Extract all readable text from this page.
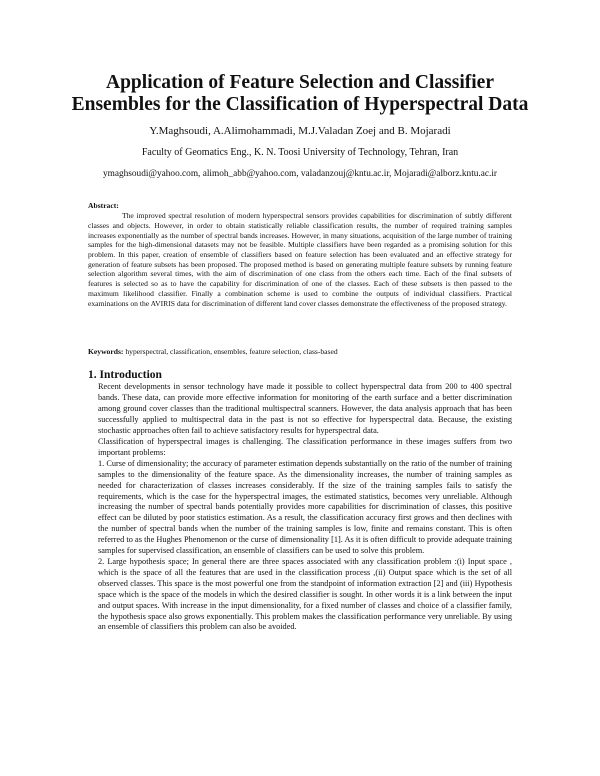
Application of Feature Selection and Classifier
Ensembles for the Classification of Hyperspectral Data
Y.Maghsoudi, A.Alimohammadi, M.J.Valadan Zoej and B. Mojaradi
Faculty of Geomatics Eng., K. N. Toosi University of Technology, Tehran, Iran
ymaghsoudi@yahoo.com, alimoh_abb@yahoo.com, valadanzouj@kntu.ac.ir, Mojaradi@alborz.kntu.ac.ir
Abstract:
The improved spectral resolution of modern hyperspectral sensors provides capabilities for discrimination of subtly different classes and objects. However, in order to obtain statistically reliable classification results, the number of required training samples increases exponentially as the number of spectral bands increases. However, in many situations, acquisition of the large number of training samples for the high-dimensional datasets may not be feasible. Multiple classifiers have been regarded as a promising solution for this problem. In this paper, creation of ensemble of classifiers based on feature selection has been evaluated and an effective strategy for generation of feature subsets has been proposed. The proposed method is based on generating multiple feature subsets by running feature selection algorithm several times, with the aim of discrimination of one class from the others each time. Each of the final subsets of features is selected so as to have the capability for discrimination of one of the classes. Each of these subsets is then passed to the maximum likelihood classifier. Finally a combination scheme is used to combine the outputs of individual classifiers. Practical examinations on the AVIRIS data for discrimination of different land cover classes demonstrate the effectiveness of the proposed strategy.
Keywords: hyperspectral, classification, ensembles, feature selection, class-based
1. Introduction

Recent developments in sensor technology have made it possible to collect hyperspectral data from 200 to 400 spectral bands. These data, can provide more effective information for monitoring of the earth surface and a better discrimination among ground cover classes than the traditional multispectral scanners. However, the data analysis approach that has been successfully applied to multispectral data in the past is not so effective for hyperspectral data. Because, the existing stochastic approaches often fail to achieve satisfactory results for hyperspectral data.

Classification of hyperspectral images is challenging. The classification performance in these images suffers from two important problems:

1. Curse of dimensionality; the accuracy of parameter estimation depends substantially on the ratio of the number of training samples to the dimensionality of the feature space. As the dimensionality increases, the number of training samples as needed for characterization of classes increases considerably. If the size of the training samples fails to satisfy the requirements, which is the case for the hyperspectral images, the estimated statistics, becomes very unreliable. Although increasing the number of spectral bands potentially provides more capabilities for discrimination of classes, this positive effect can be diluted by poor statistics estimation. As a result, the classification accuracy first grows and then declines with the number of spectral bands when the number of the training samples is low, finite and remains constant. This is often referred to as the Hughes Phenomenon or the curse of dimensionality [1]. As it is often difficult to provide adequate training samples for supervised classification, an ensemble of classifiers can be used to solve this problem.

2. Large hypothesis space; In general there are three spaces associated with any classification problem :(i) Input space , which is the space of all the features that are used in the classification process ,(ii) Output space which is the set of all observed classes. This space is the most powerful one from the standpoint of information extraction [2] and (iii) Hypothesis space which is the space of the models in which the desired classifier is sought. In other words it is a link between the input and output spaces. With increase in the input dimensionality, for a fixed number of classes and choice of a classifier family, the hypothesis space also grows exponentially. This problem makes the classification performance very unreliable. By using an ensemble of classifiers this problem can also be avoided.
